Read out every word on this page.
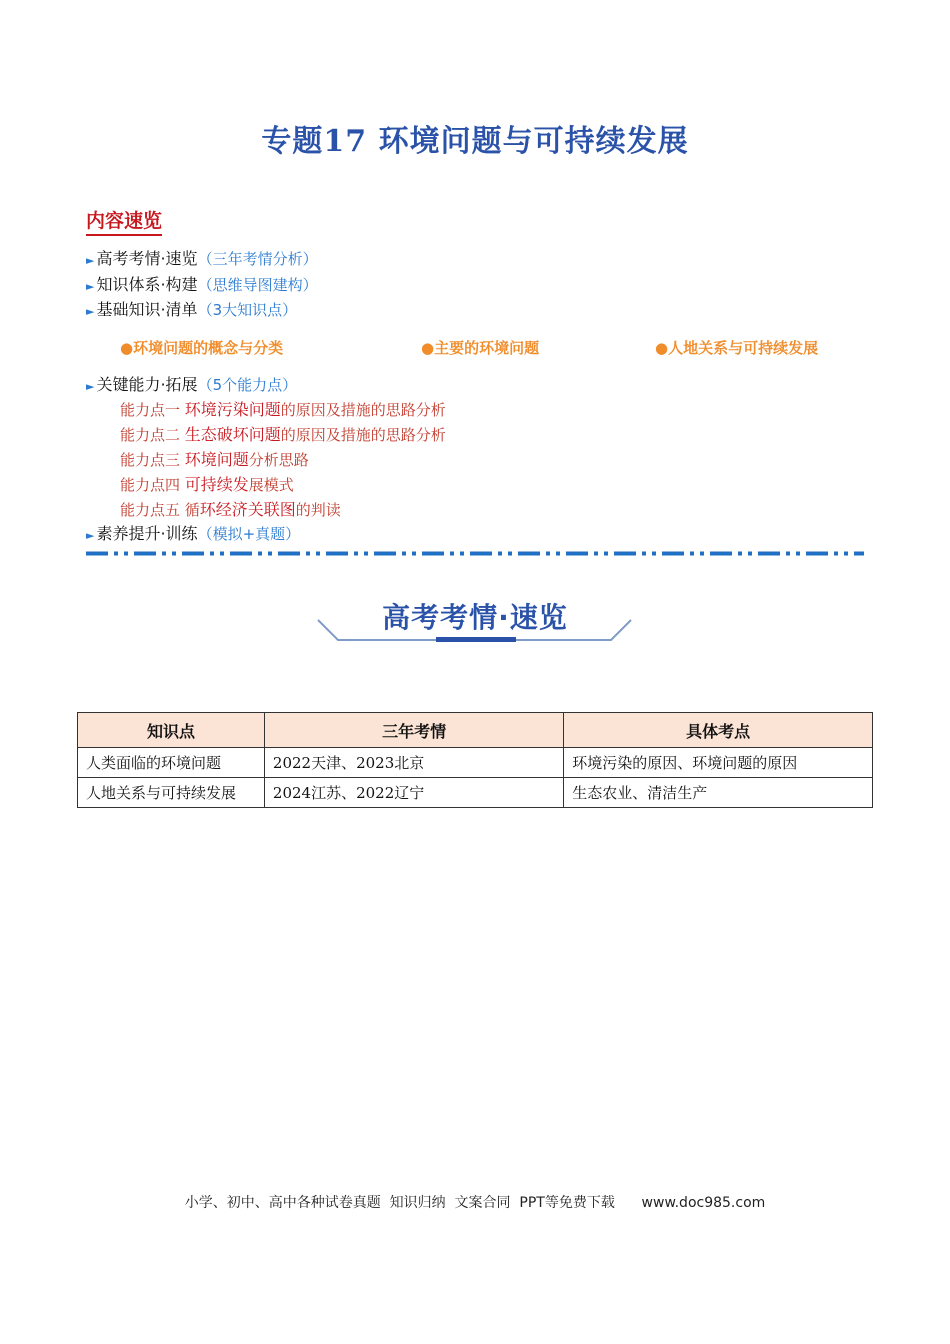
专题17 环境问题与可持续发展
内容速览
► 高考考情·速览（三年考情分析）
► 知识体系·构建（思维导图建构）
► 基础知识·清单（3大知识点）
●环境问题的概念与分类	●主要的环境问题	●人地关系与可持续发展
► 关键能力·拓展（5个能力点）
能力点一 环境污染问题的原因及措施的思路分析
能力点二 生态破坏问题的原因及措施的思路分析
能力点三 环境问题分析思路
能力点四 可持续发展模式
能力点五 循环经济关联图的判读
► 素养提升·训练（模拟+真题）
高考考情·速览
知识点	三年考情	具体考点
人类面临的环境问题	2022天津、2023北京	环境污染的原因、环境问题的原因
人地关系与可持续发展	2024江苏、2022辽宁	生态农业、清洁生产
小学、初中、高中各种试卷真题  知识归纳  文案合同  PPT等免费下载      www.doc985.com
